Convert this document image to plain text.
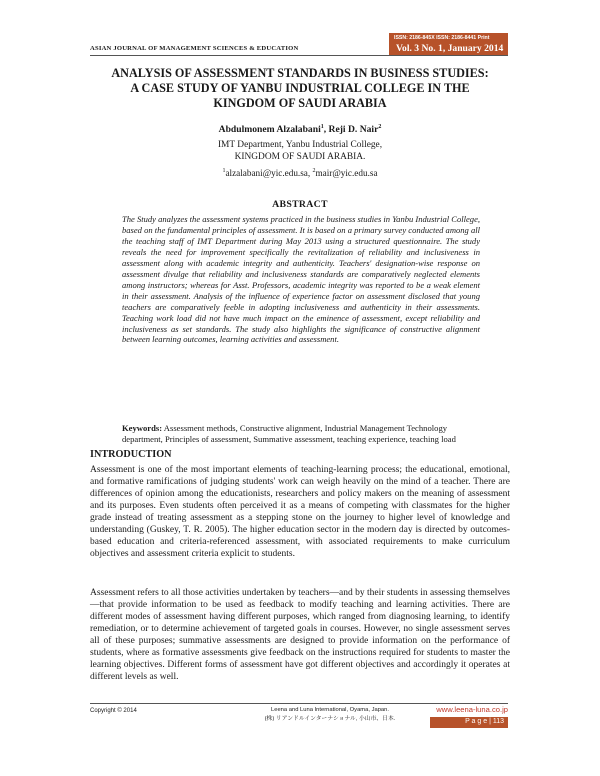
ASIAN JOURNAL OF MANAGEMENT SCIENCES & EDUCATION
ISSN: 2186-845X ISSN: 2186-8441 Print
Vol. 3 No. 1, January 2014
ANALYSIS OF ASSESSMENT STANDARDS IN BUSINESS STUDIES:
A CASE STUDY OF YANBU INDUSTRIAL COLLEGE IN THE
KINGDOM OF SAUDI ARABIA
Abdulmonem Alzalabani$^1$, Reji D. Nair$^2$
IMT Department, Yanbu Industrial College,
KINGDOM OF SAUDI ARABIA.
$^1$alzalabani@yic.edu.sa, $^2$mair@yic.edu.sa
ABSTRACT
The Study analyzes the assessment systems practiced in the business studies in Yanbu Industrial College, based on the fundamental principles of assessment. It is based on a primary survey conducted among all the teaching staff of IMT Department during May 2013 using a structured questionnaire. The study reveals the need for improvement specifically the revitalization of reliability and inclusiveness in assessment along with academic integrity and authenticity. Teachers' designation-wise response on assessment divulge that reliability and inclusiveness standards are comparatively neglected elements among instructors; whereas for Asst. Professors, academic integrity was reported to be a weak element in their assessment. Analysis of the influence of experience factor on assessment disclosed that young teachers are comparatively feeble in adopting inclusiveness and authenticity in their assessments. Teaching work load did not have much impact on the eminence of assessment, except reliability and inclusiveness as set standards. The study also highlights the significance of constructive alignment between learning outcomes, learning activities and assessment.
Keywords: Assessment methods, Constructive alignment, Industrial Management Technology department, Principles of assessment, Summative assessment, teaching experience, teaching load
INTRODUCTION
Assessment is one of the most important elements of teaching-learning process; the educational, emotional, and formative ramifications of judging students' work can weigh heavily on the mind of a teacher. There are differences of opinion among the educationists, researchers and policy makers on the meaning of assessment and its purposes. Even students often perceived it as a means of competing with classmates for the higher grade instead of treating assessment as a stepping stone on the journey to higher level of knowledge and understanding (Guskey, T. R. 2005). The higher education sector in the modern day is directed by outcomes-based education and criteria-referenced assessment, with associated requirements to make curriculum objectives and assessment criteria explicit to students.
Assessment refers to all those activities undertaken by teachers—and by their students in assessing themselves—that provide information to be used as feedback to modify teaching and learning activities. There are different modes of assessment having different purposes, which ranged from diagnosing learning, to identify remediation, or to determine achievement of targeted goals in courses. However, no single assessment serves all of these purposes; summative assessments are designed to provide information on the performance of students, where as formative assessments give feedback on the instructions required for students to master the learning objectives. Different forms of assessment have got different objectives and accordingly it operates at different levels as well.
Copyright © 2014	Leena and Luna International, Oyama, Japan.
(株) リアンドルインターナショナル, 小山市、日本.
www.leena-luna.co.jp
P a g e | 113
